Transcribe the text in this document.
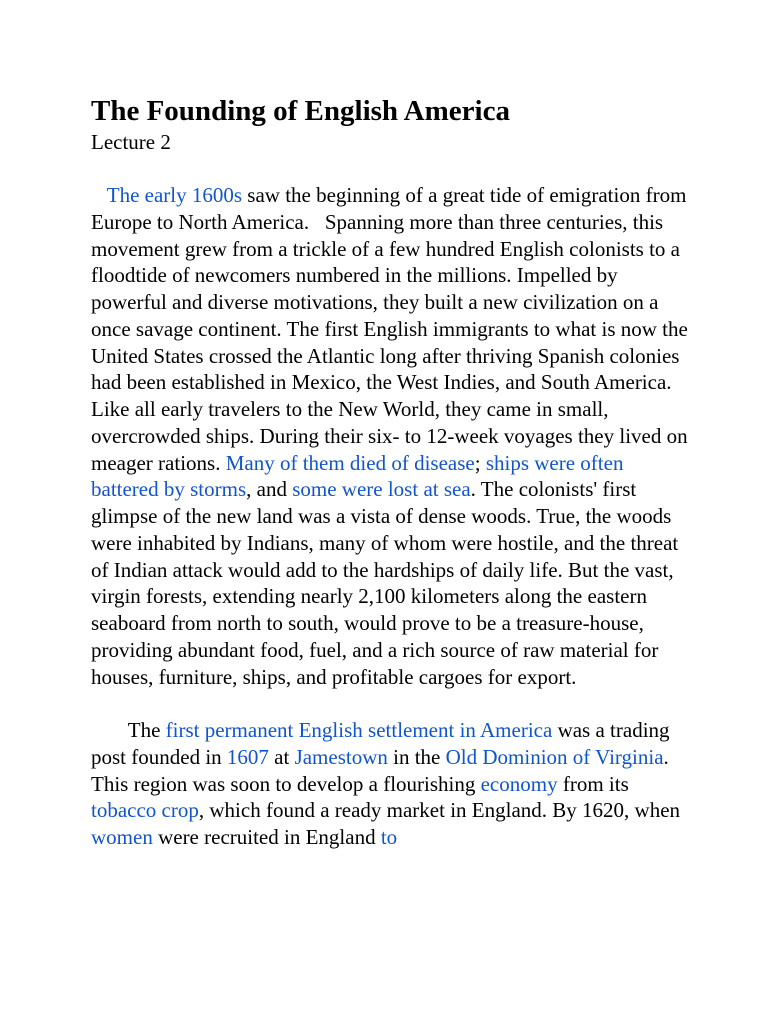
The Founding of English America
Lecture 2

The early 1600s saw the beginning of a great tide of emigration from Europe to North America.   Spanning more than three centuries, this movement grew from a trickle of a few hundred English colonists to a floodtide of newcomers numbered in the millions. Impelled by powerful and diverse motivations, they built a new civilization on a once savage continent. The first English immigrants to what is now the United States crossed the Atlantic long after thriving Spanish colonies had been established in Mexico, the West Indies, and South America. Like all early travelers to the New World, they came in small, overcrowded ships. During their six- to 12-week voyages they lived on meager rations. Many of them died of disease; ships were often battered by storms, and some were lost at sea. The colonists' first glimpse of the new land was a vista of dense woods. True, the woods were inhabited by Indians, many of whom were hostile, and the threat of Indian attack would add to the hardships of daily life. But the vast, virgin forests, extending nearly 2,100 kilometers along the eastern seaboard from north to south, would prove to be a treasure-house, providing abundant food, fuel, and a rich source of raw material for houses, furniture, ships, and profitable cargoes for export.

The first permanent English settlement in America was a trading post founded in 1607 at Jamestown in the Old Dominion of Virginia. This region was soon to develop a flourishing economy from its tobacco crop, which found a ready market in England. By 1620, when women were recruited in England to
